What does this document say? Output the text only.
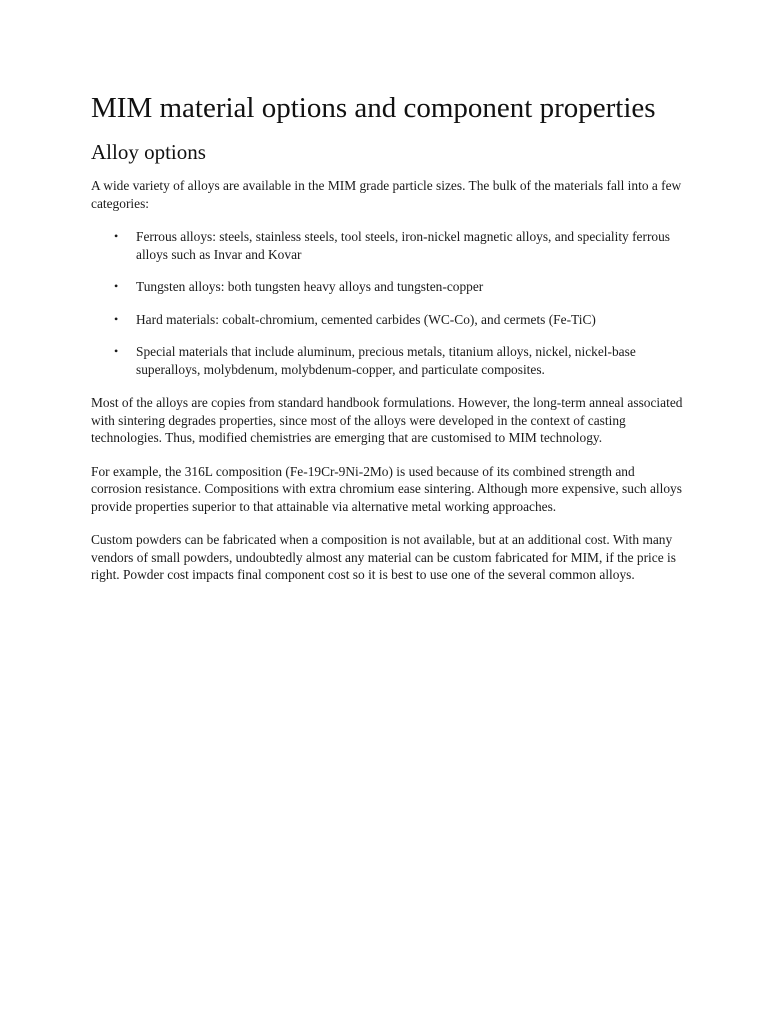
MIM material options and component properties
Alloy options

A wide variety of alloys are available in the MIM grade particle sizes. The bulk of the materials fall into a few categories:

• Ferrous alloys: steels, stainless steels, tool steels, iron-nickel magnetic alloys, and speciality ferrous alloys such as Invar and Kovar
• Tungsten alloys: both tungsten heavy alloys and tungsten-copper
• Hard materials: cobalt-chromium, cemented carbides (WC-Co), and cermets (Fe-TiC)
• Special materials that include aluminum, precious metals, titanium alloys, nickel, nickel-base superalloys, molybdenum, molybdenum-copper, and particulate composites.

Most of the alloys are copies from standard handbook formulations. However, the long-term anneal associated with sintering degrades properties, since most of the alloys were developed in the context of casting technologies. Thus, modified chemistries are emerging that are customised to MIM technology.

For example, the 316L composition (Fe-19Cr-9Ni-2Mo) is used because of its combined strength and corrosion resistance. Compositions with extra chromium ease sintering. Although more expensive, such alloys provide properties superior to that attainable via alternative metal working approaches.

Custom powders can be fabricated when a composition is not available, but at an additional cost. With many vendors of small powders, undoubtedly almost any material can be custom fabricated for MIM, if the price is right. Powder cost impacts final component cost so it is best to use one of the several common alloys.
